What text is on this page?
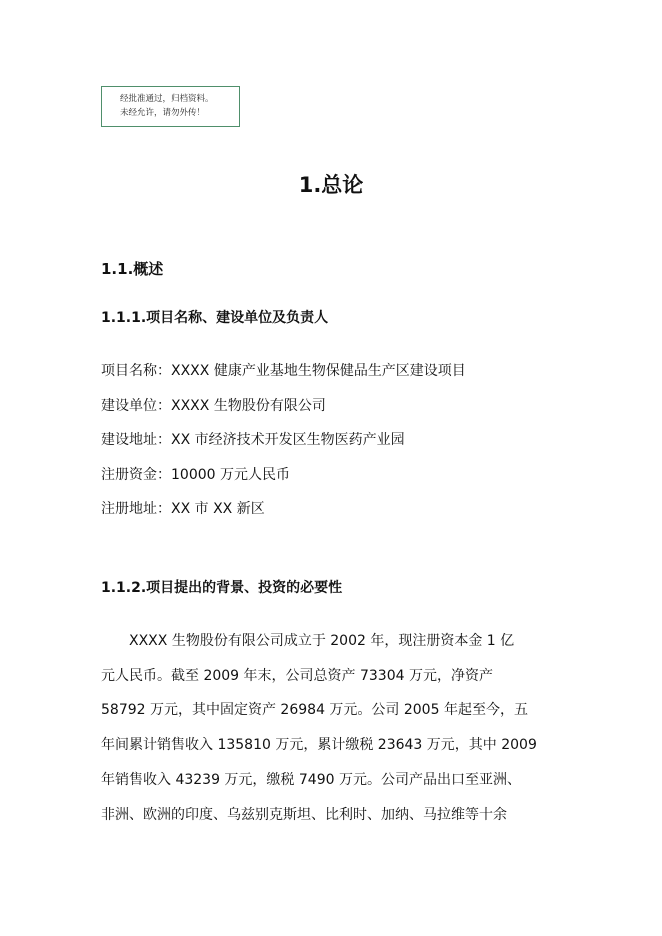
经批准通过，归档资料。
未经允许，请勿外传！
1.总论
1.1.概述
1.1.1.项目名称、建设单位及负责人
项目名称：XXXX 健康产业基地生物保健品生产区建设项目
建设单位：XXXX 生物股份有限公司
建设地址：XX 市经济技术开发区生物医药产业园
注册资金：10000 万元人民币
注册地址：XX 市 XX 新区
1.1.2.项目提出的背景、投资的必要性
XXXX 生物股份有限公司成立于 2002 年，现注册资本金 1 亿
元人民币。截至 2009 年末，公司总资产 73304 万元，净资产
58792 万元，其中固定资产 26984 万元。公司 2005 年起至今，五
年间累计销售收入 135810 万元，累计缴税 23643 万元，其中 2009
年销售收入 43239 万元，缴税 7490 万元。公司产品出口至亚洲、
非洲、欧洲的印度、乌兹别克斯坦、比利时、加纳、马拉维等十余
